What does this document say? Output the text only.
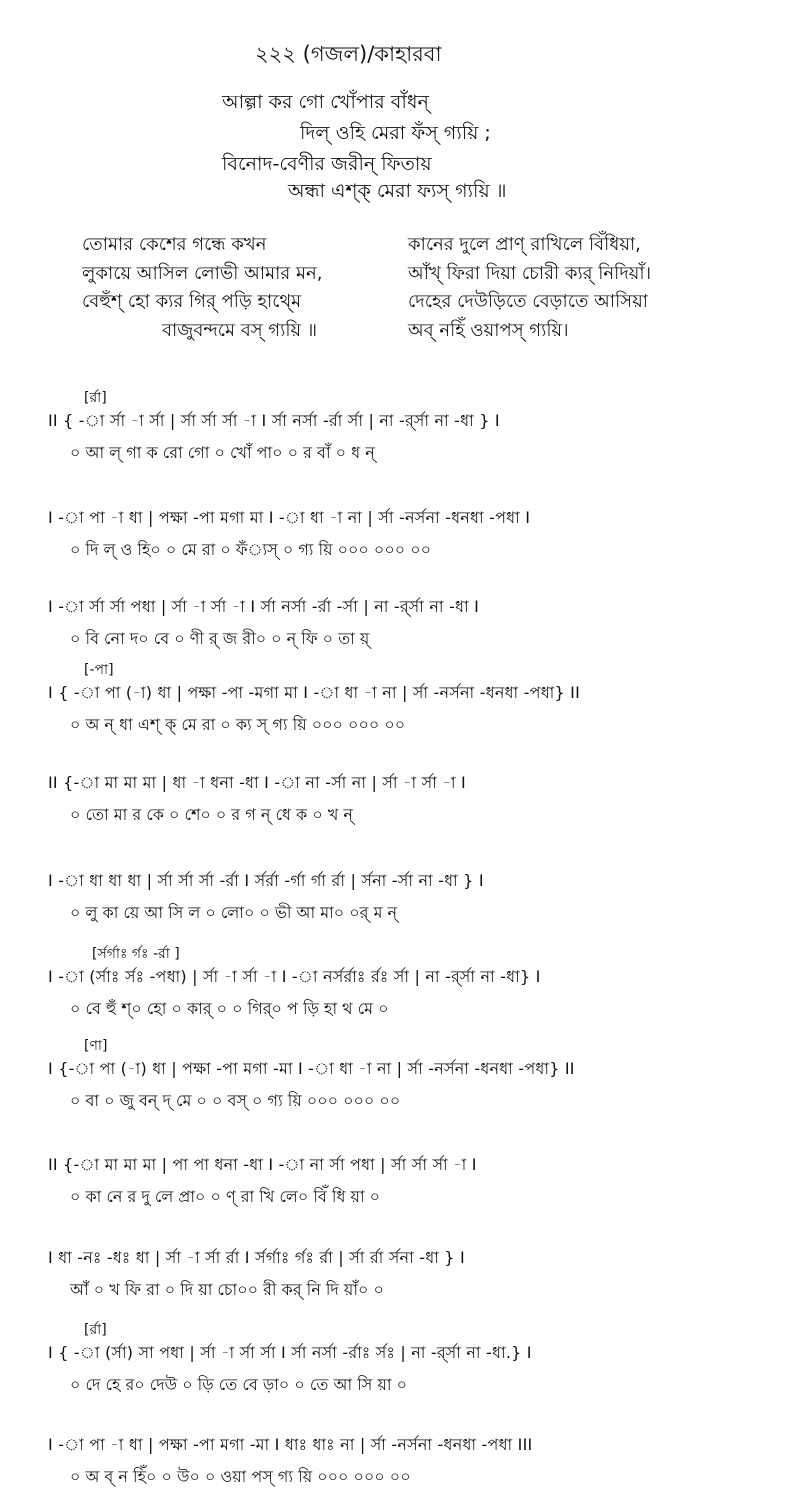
২২২ (গজল)/কাহারবা
আল্গা কর গো খোঁপার বাঁধন্
দিল্ ওহি মেরা ফঁস্ গ্যয়ি ;
বিনোদ-বেণীর জরীন্ ফিতায়
অন্ধা এশ্ক্ মেরা ফ্যস্ গ্যয়ি ॥
তোমার কেশের গন্ধে কখন
লুকায়ে আসিল লোভী আমার মন,
বেহুঁশ্ হো ক্যর গির্ পড়ি হাথ্মে
বাজুবন্দমে বস্ গ্যয়ি ॥
কানের দুলে প্রাণ্ রাখিলে বিঁধিয়া,
আঁখ্ ফিরা দিয়া চোরী ক্যর্ নিদিয়াঁ।
দেহের দেউড়িতে বেড়াতে আসিয়া
অব্ নহিঁ ওয়াপস্ গ্যয়ি।
[র্রা]
II { -া র্সা -া র্সা | র্সা র্সা র্সা -া I র্সা নর্সা -র্রা র্সা | না -র্র্সা না -ধা } I
০ আ ল্ গা ক রো গো ০ খোঁ পা০ ০ র বাঁ ০ ধ ন্
I -া পা -া ধা | পক্ষা -পা মগা মা I -া ধা -া না | র্সা -নর্সনা -ধনধা -পধা I
০ দি ল্ ও হি০ ০ মে রা ০ ফঁ্যস্ ০ গ্য য়ি ০০০ ০০০ ০০
I -া র্সা র্সা পধা | র্সা -া র্সা -া I র্সা নর্সা -র্রা -র্সা | না -র্র্সা না -ধা I
০ বি নো দ০ বে ০ ণী র্ জ রী০ ০ ন্ ফি ০ তা য়্
[-পা]
I { -া পা (-া) ধা | পক্ষা -পা -মগা মা I -া ধা -া না | র্সা -নর্সনা -ধনধা -পধা} II
০ অ ন্ ধা এশ্ ক্ মে রা ০ ক্য স্ গ্য য়ি ০০০ ০০০ ০০
II {-া মা মা মা | ধা -া ধনা -ধা I -া না -র্সা না | র্সা -া র্সা -া I
০ তো মা র কে ০ শে০ ০ র গ ন্ ধে ক ০ খ ন্
I -া ধা ধা ধা | র্সা র্সা র্সা -র্রা I র্সর্রা -র্গা র্গা র্রা | র্সনা -র্সা না -ধা } I
০ লু কা য়ে আ সি ল ০ লো০ ০ ভী আ মা০ ০র্ ম ন্
[র্সর্গাঃ র্গঃ -র্রা ]
I -া (র্সাঃ র্সঃ -পধা) | র্সা -া র্সা -া I -া নর্সর্রাঃ র্রঃ র্সা | না -র্র্সা না -ধা} I
০ বে হুঁ শ্০ হো ০ কার্ ০ ০ গির্০ প ড়ি হা থ মে ০
[ণা]
I {-া পা (-া) ধা | পক্ষা -পা মগা -মা I -া ধা -া না | র্সা -নর্সনা -ধনধা -পধা} II
০ বা ০ জু বন্ দ্ মে ০ ০ বস্ ০ গ্য য়ি ০০০ ০০০ ০০
II {-া মা মা মা | পা পা ধনা -ধা I -া না র্সা পধা | র্সা র্সা র্সা -া I
০ কা নে র দু লে প্রা০ ০ ণ্ রা খি লে০ বিঁ ধি য়া ০
I ধা -নঃ -ধঃ ধা | র্সা -া র্সা র্রা I র্সর্গাঃ র্গঃ র্রা | র্সা র্রা র্সনা -ধা } I
আঁ ০ খ ফি রা ০ দি য়া চো০০ রী কর্ নি দি য়াঁ০ ০
[র্রা]
I { -া (র্সা) সা পধা | র্সা -া র্সা র্সা I র্সা নর্সা -র্রাঃ র্সঃ | না -র্র্সা না -ধা.} I
০ দে হে র০ দেউ ০ ড়ি তে বে ড়া০ ০ তে আ সি য়া ০
I -া পা -া ধা | পক্ষা -পা মগা -মা I ধাঃ ধাঃ না | র্সা -নর্সনা -ধনধা -পধা III
০ অ ব্ ন হিঁ০ ০ উ০ ০ ওয়া পস্ গ্য য়ি ০০০ ০০০ ০০
